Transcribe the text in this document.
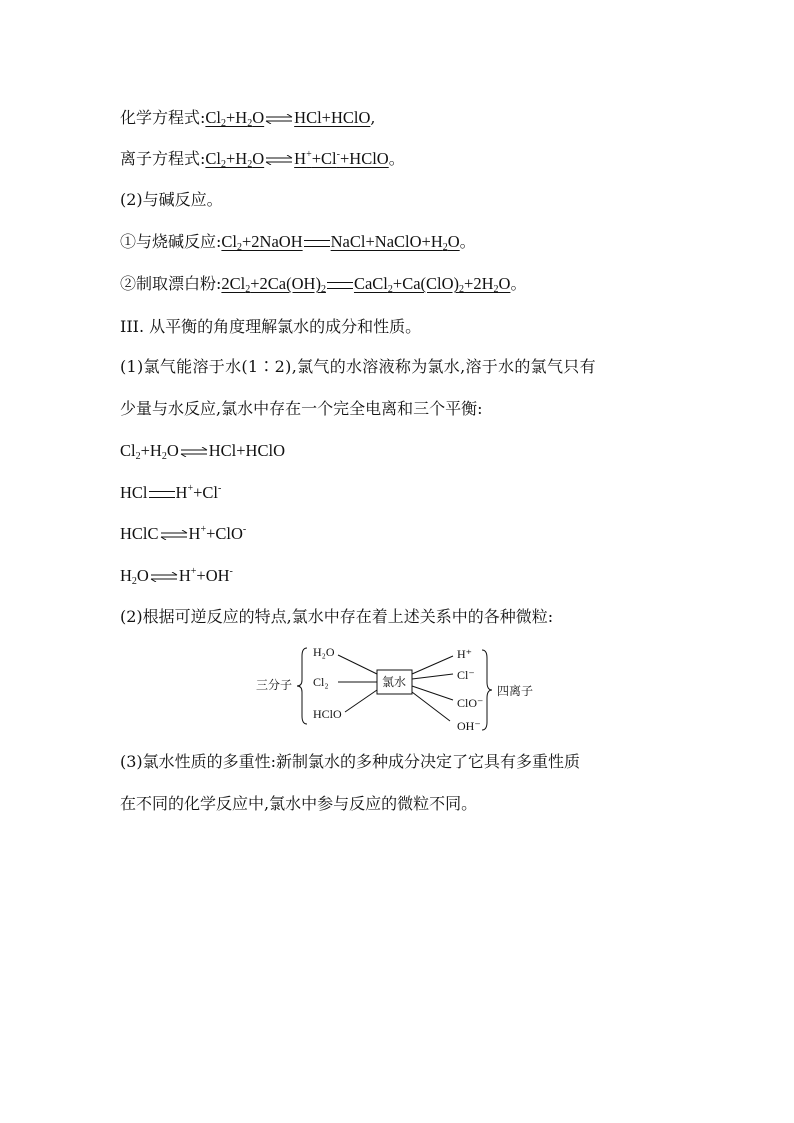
化学方程式$:Cl_2+H_2O\rightleftharpoons HCl+HClO$,
离子方程式$:Cl_2+H_2O\rightleftharpoons H^++Cl^-+HClO$。
(2)与碱反应。
①与烧碱反应$:Cl_2+2NaOH$ $NaCl+NaClO+H_2O$。
②制取漂白粉$:2Cl_2+2Ca(OH)_2$ $CaCl_2+Ca(ClO)_2+2H_2O$。
III. 从平衡的角度理解氯水的成分和性质。
(1)氯气能溶于水(1∶2),氯气的水溶液称为氯水,溶于水的氯气只有
少量与水反应,氯水中存在一个完全电离和三个平衡:
$Cl_2+H_2O\rightleftharpoons HCl+HClO$
HCl H++Cl-
HClC⇌H++ClO-
$H_2O\rightleftharpoons H^++OH^-$
(2)根据可逆反应的特点,氯水中存在着上述关系中的各种微粒:
三分子	四离子
氯水
H₂O
Cl₂
HClO
H⁺
Cl⁻
ClO⁻
OH⁻
(3)氯水性质的多重性:新制氯水的多种成分决定了它具有多重性质
在不同的化学反应中,氯水中参与反应的微粒不同。
